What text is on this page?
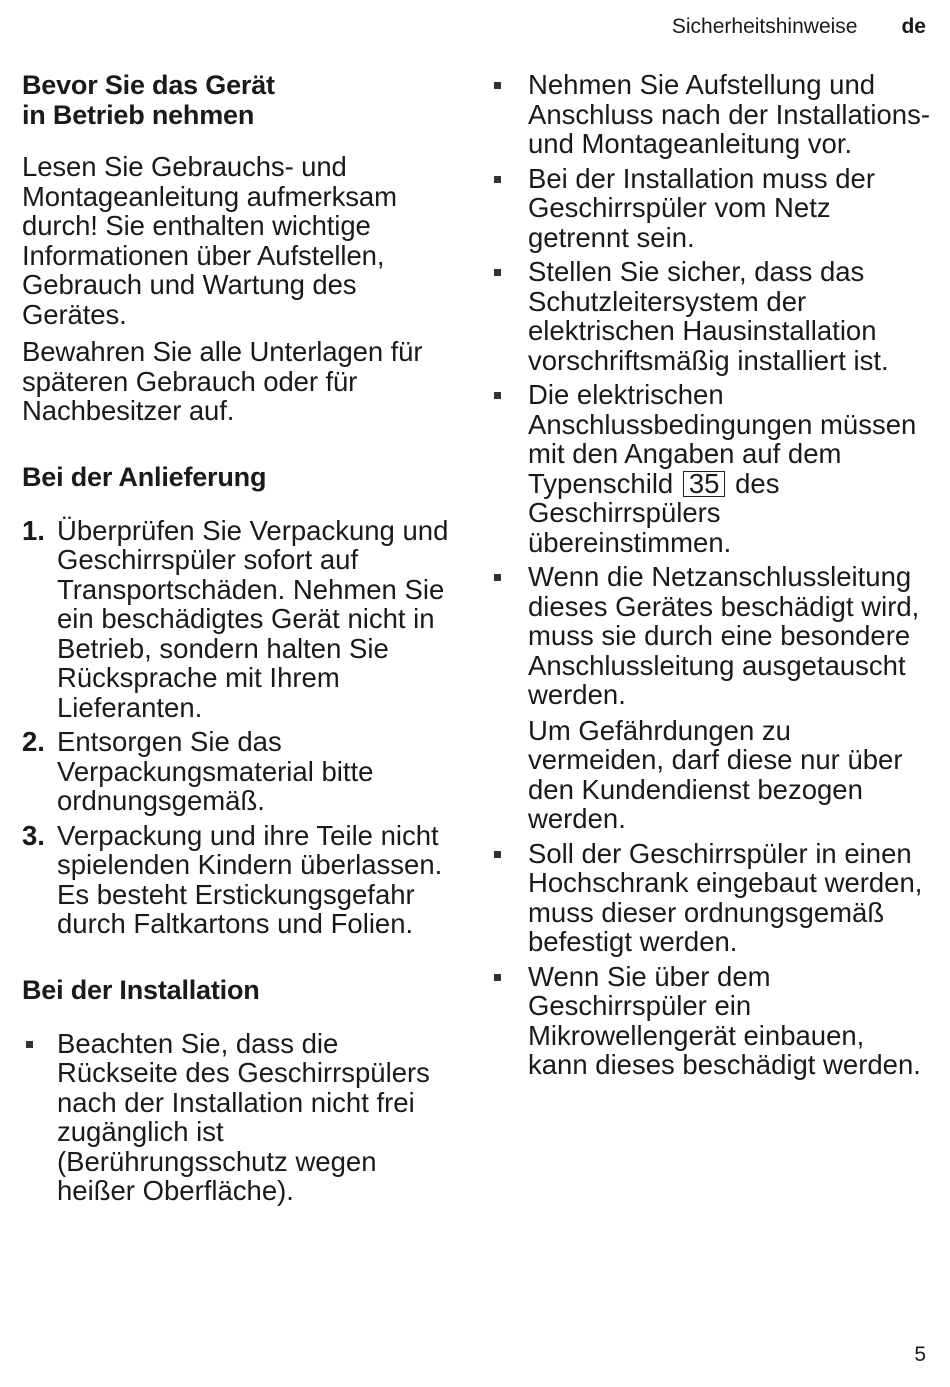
Sicherheitshinweise de
Bevor Sie das Gerät
in Betrieb nehmen

Lesen Sie Gebrauchs- und Montageanleitung aufmerksam durch! Sie enthalten wichtige Informationen über Aufstellen, Gebrauch und Wartung des Gerätes.

Bewahren Sie alle Unterlagen für späteren Gebrauch oder für Nachbesitzer auf.

Bei der Anlieferung
1. Überprüfen Sie Verpackung und Geschirrspüler sofort auf Transportschäden. Nehmen Sie ein beschädigtes Gerät nicht in Betrieb, sondern halten Sie Rücksprache mit Ihrem Lieferanten.
2. Entsorgen Sie das Verpackungsmaterial bitte ordnungsgemäß.
3. Verpackung und ihre Teile nicht spielenden Kindern überlassen. Es besteht Erstickungsgefahr durch Faltkartons und Folien.
Bei der Installation
Beachten Sie, dass die Rückseite des Geschirrspülers nach der Installation nicht frei zugänglich ist (Berührungsschutz wegen heißer Oberfläche).
Nehmen Sie Aufstellung und Anschluss nach der Installations- und Montageanleitung vor.
Bei der Installation muss der Geschirrspüler vom Netz getrennt sein.
Stellen Sie sicher, dass das Schutzleitersystem der elektrischen Hausinstallation vorschriftsmäßig installiert ist.
Die elektrischen Anschlussbedingungen müssen mit den Angaben auf dem Typenschild 35 des Geschirrspülers übereinstimmen.
Wenn die Netzanschlussleitung dieses Gerätes beschädigt wird, muss sie durch eine besondere Anschlussleitung ausgetauscht werden.
Um Gefährdungen zu vermeiden, darf diese nur über den Kundendienst bezogen werden.
Soll der Geschirrspüler in einen Hochschrank eingebaut werden, muss dieser ordnungsgemäß befestigt werden.
Wenn Sie über dem Geschirrspüler ein Mikrowellengerät einbauen, kann dieses beschädigt werden.
5
